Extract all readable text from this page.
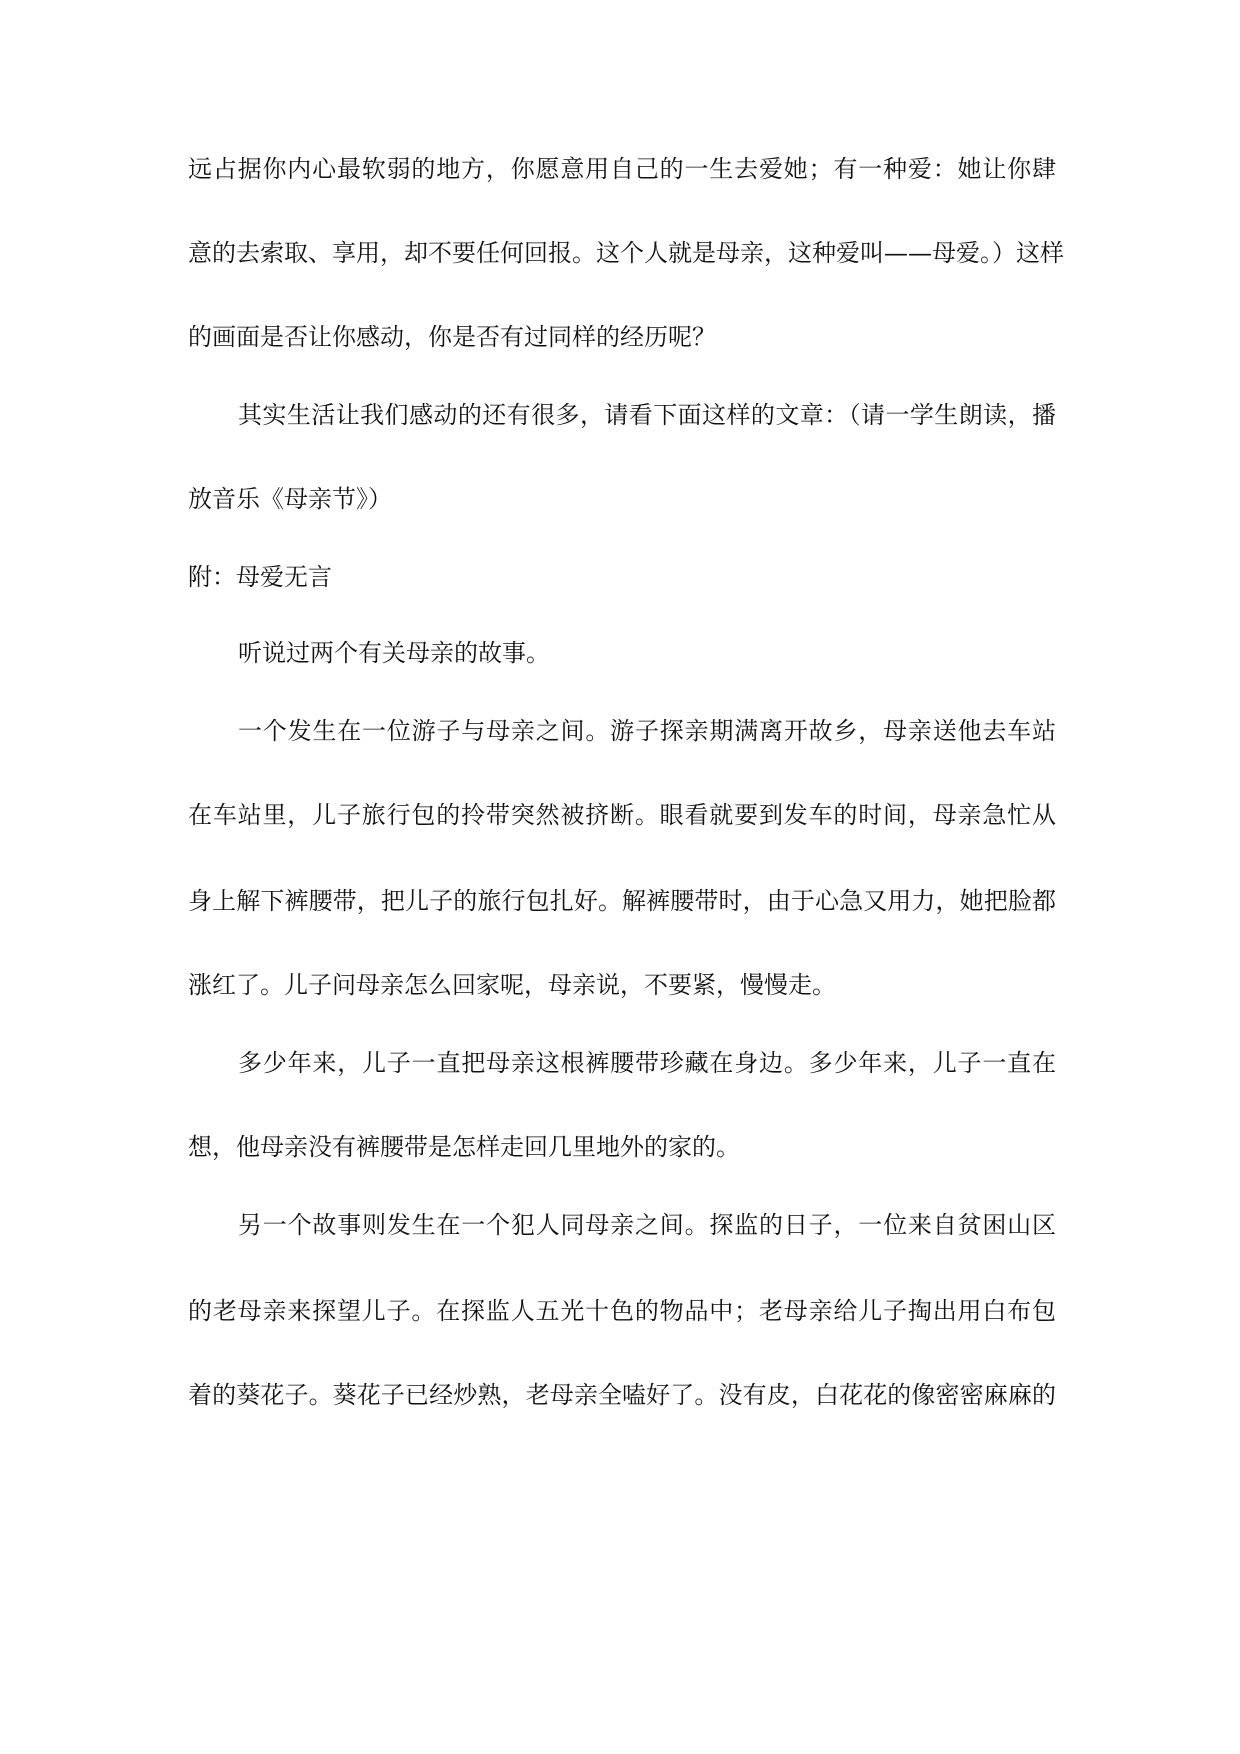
远占据你内心最软弱的地方，你愿意用自己的一生去爱她；有一种爱：她让你肆
意的去索取、享用，却不要任何回报。这个人就是母亲，这种爱叫——母爱。）这样
的画面是否让你感动，你是否有过同样的经历呢？
其实生活让我们感动的还有很多，请看下面这样的文章：（请一学生朗读，播
放音乐《母亲节》）
附：母爱无言
听说过两个有关母亲的故事。
一个发生在一位游子与母亲之间。游子探亲期满离开故乡，母亲送他去车站
在车站里，儿子旅行包的拎带突然被挤断。眼看就要到发车的时间，母亲急忙从
身上解下裤腰带，把儿子的旅行包扎好。解裤腰带时，由于心急又用力，她把脸都
涨红了。儿子问母亲怎么回家呢，母亲说，不要紧，慢慢走。
多少年来，儿子一直把母亲这根裤腰带珍藏在身边。多少年来，儿子一直在
想，他母亲没有裤腰带是怎样走回几里地外的家的。
另一个故事则发生在一个犯人同母亲之间。探监的日子，一位来自贫困山区
的老母亲来探望儿子。在探监人五光十色的物品中；老母亲给儿子掏出用白布包
着的葵花子。葵花子已经炒熟，老母亲全嗑好了。没有皮，白花花的像密密麻麻的
